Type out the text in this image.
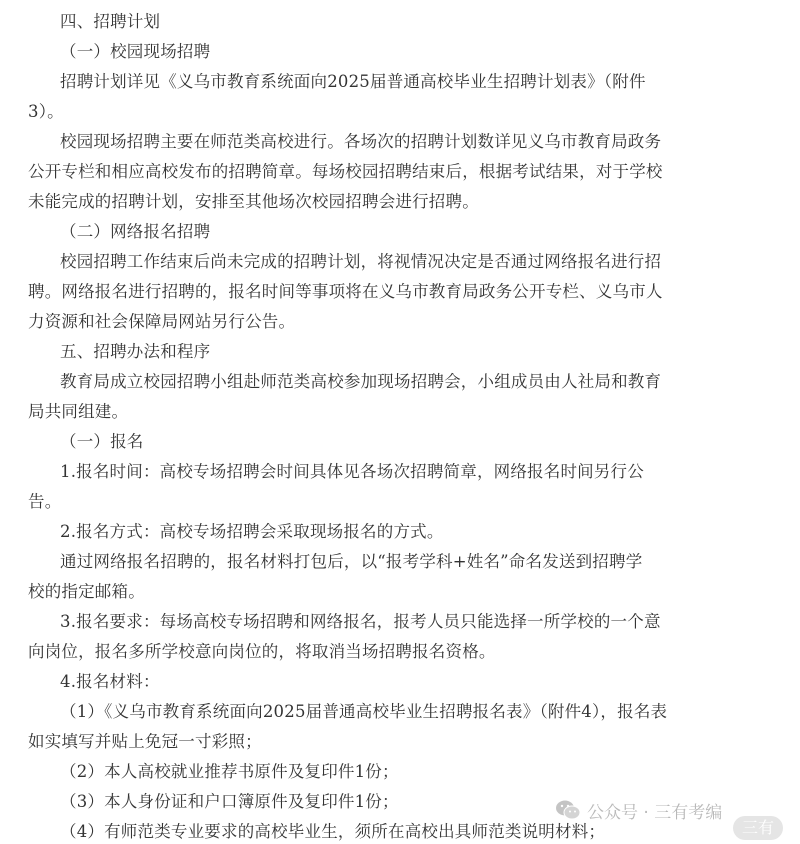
四、招聘计划
（一）校园现场招聘
招聘计划详见《义乌市教育系统面向2025届普通高校毕业生招聘计划表》（附件
3）。
校园现场招聘主要在师范类高校进行。各场次的招聘计划数详见义乌市教育局政务
公开专栏和相应高校发布的招聘简章。每场校园招聘结束后，根据考试结果，对于学校
未能完成的招聘计划，安排至其他场次校园招聘会进行招聘。
（二）网络报名招聘
校园招聘工作结束后尚未完成的招聘计划，将视情况决定是否通过网络报名进行招
聘。网络报名进行招聘的，报名时间等事项将在义乌市教育局政务公开专栏、义乌市人
力资源和社会保障局网站另行公告。
五、招聘办法和程序
教育局成立校园招聘小组赴师范类高校参加现场招聘会，小组成员由人社局和教育
局共同组建。
（一）报名
1.报名时间：高校专场招聘会时间具体见各场次招聘简章，网络报名时间另行公
告。
2.报名方式：高校专场招聘会采取现场报名的方式。
通过网络报名招聘的，报名材料打包后，以“报考学科+姓名”命名发送到招聘学
校的指定邮箱。
3.报名要求：每场高校专场招聘和网络报名，报考人员只能选择一所学校的一个意
向岗位，报名多所学校意向岗位的，将取消当场招聘报名资格。
4.报名材料：
（1）《义乌市教育系统面向2025届普通高校毕业生招聘报名表》（附件4），报名表
如实填写并贴上免冠一寸彩照；
（2）本人高校就业推荐书原件及复印件1份；
（3）本人身份证和户口簿原件及复印件1份；
（4）有师范类专业要求的高校毕业生，须所在高校出具师范类说明材料；
公众号 · 三有考编
三有
